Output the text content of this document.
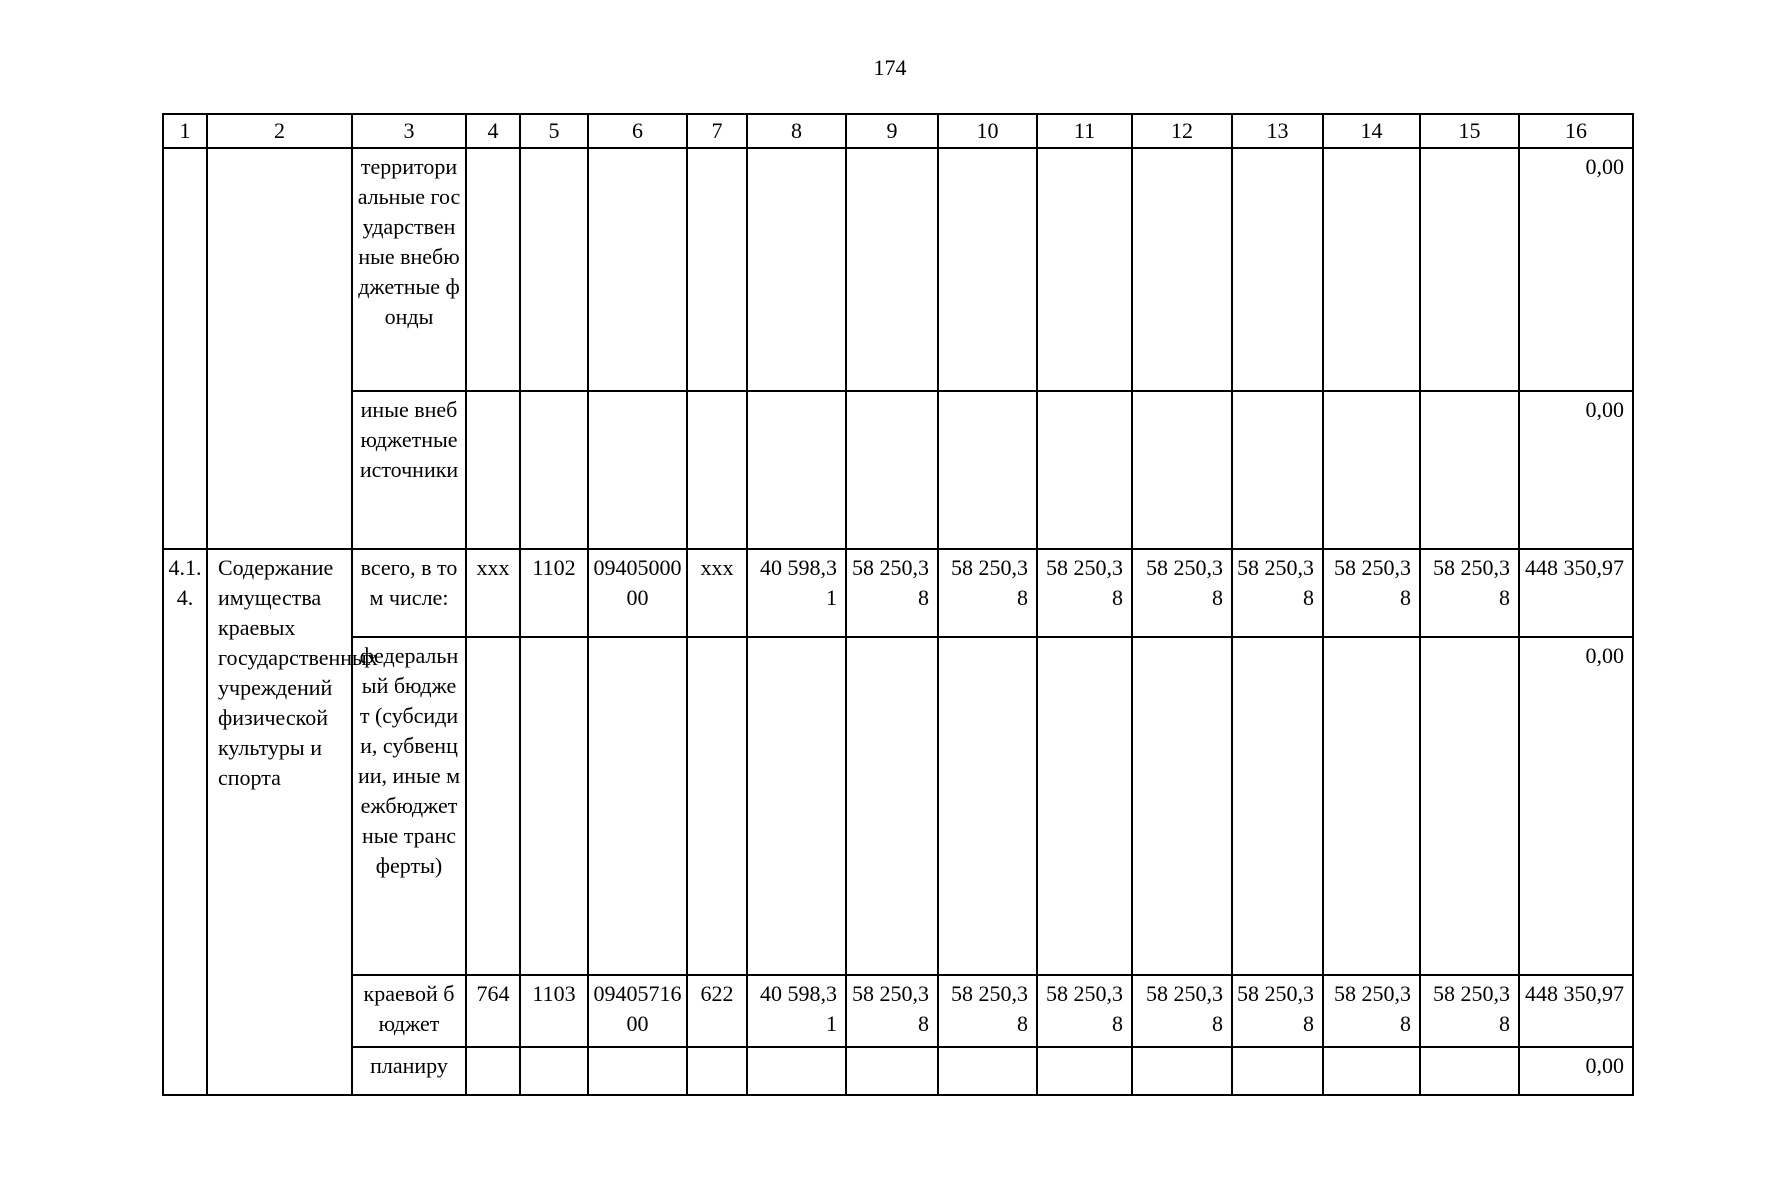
174
1	2	3	4	5	6	7	8	9	10	11	12	13	14	15	16
		территориальные государственные внебюджетные фонды													0,00
		иные внебюджетные источники													0,00
4.1.4.	Содержание имущества краевых государственных учреждений физической культуры и спорта	всего, в том числе:	ххх	1102	0940500000	ххх	40 598,31	58 250,38	58 250,38	58 250,38	58 250,38	58 250,38	58 250,38	58 250,38	448 350,97
		федеральный бюджет (субсидии, субвенции, иные межбюджетные трансферты)													0,00
		краевой бюджет	764	1103	0940571600	622	40 598,31	58 250,38	58 250,38	58 250,38	58 250,38	58 250,38	58 250,38	58 250,38	448 350,97
		планиру													0,00
